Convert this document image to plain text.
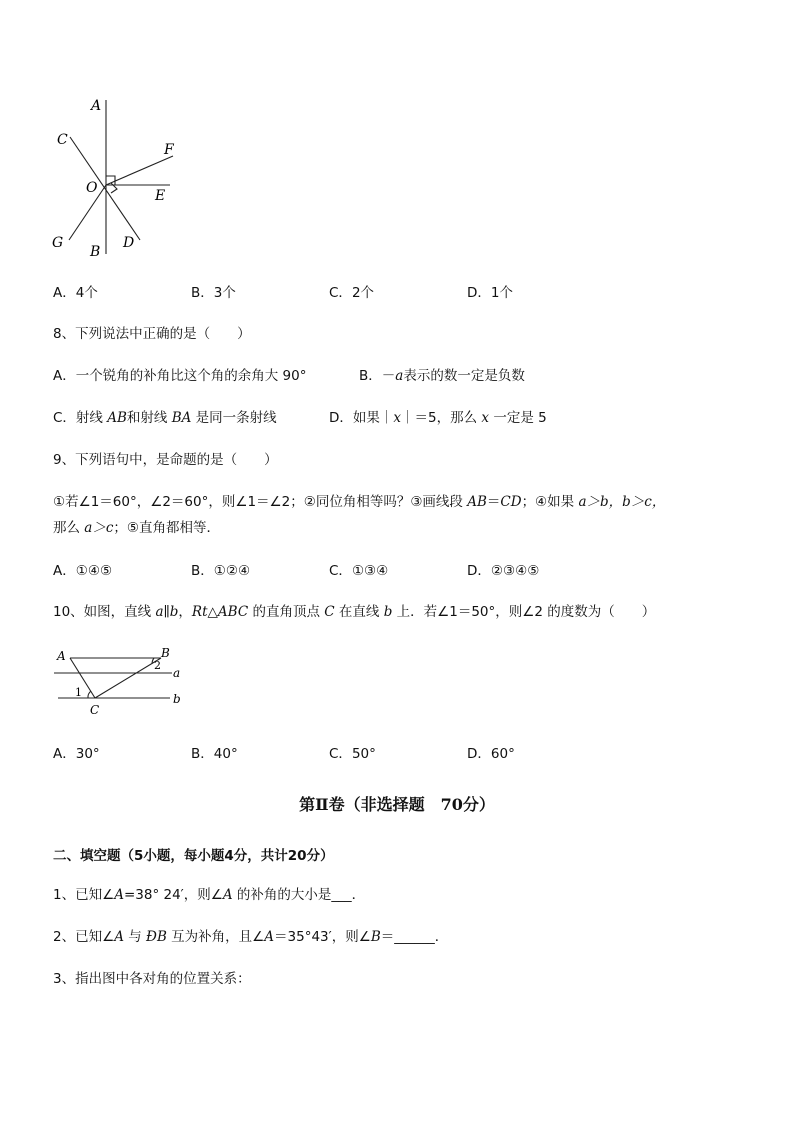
A
C
O
F
E
G
B
D
A．4个	B．3个	C．2个	D．1个
8、下列说法中正确的是（　　）
A．一个锐角的补角比这个角的余角大 90°	B．－a表示的数一定是负数
C．射线 AB和射线 BA 是同一条射线	D．如果｜x｜＝5，那么 x 一定是 5
9、下列语句中，是命题的是（　　）
①若∠1＝60°，∠2＝60°，则∠1＝∠2；②同位角相等吗？③画线段 AB＝CD；④如果 a＞b，b＞c，
那么 a＞c；⑤直角都相等．
A．①④⑤	B．①②④	C．①③④	D．②③④⑤
10、如图，直线 a∥b，Rt△ABC 的直角顶点 C 在直线 b 上．若∠1＝50°，则∠2 的度数为（　　）
A	B
C
a
b
1
2
A．30°	B．40°	C．50°	D．60°
第Ⅱ卷（非选择题　70分）
二、填空题（5小题，每小题4分，共计20分）
1、已知∠A=38° 24′，则∠A 的补角的大小是___．
2、已知∠A 与 ÐB 互为补角，且∠A＝35°43′，则∠B＝______．
3、指出图中各对角的位置关系：
